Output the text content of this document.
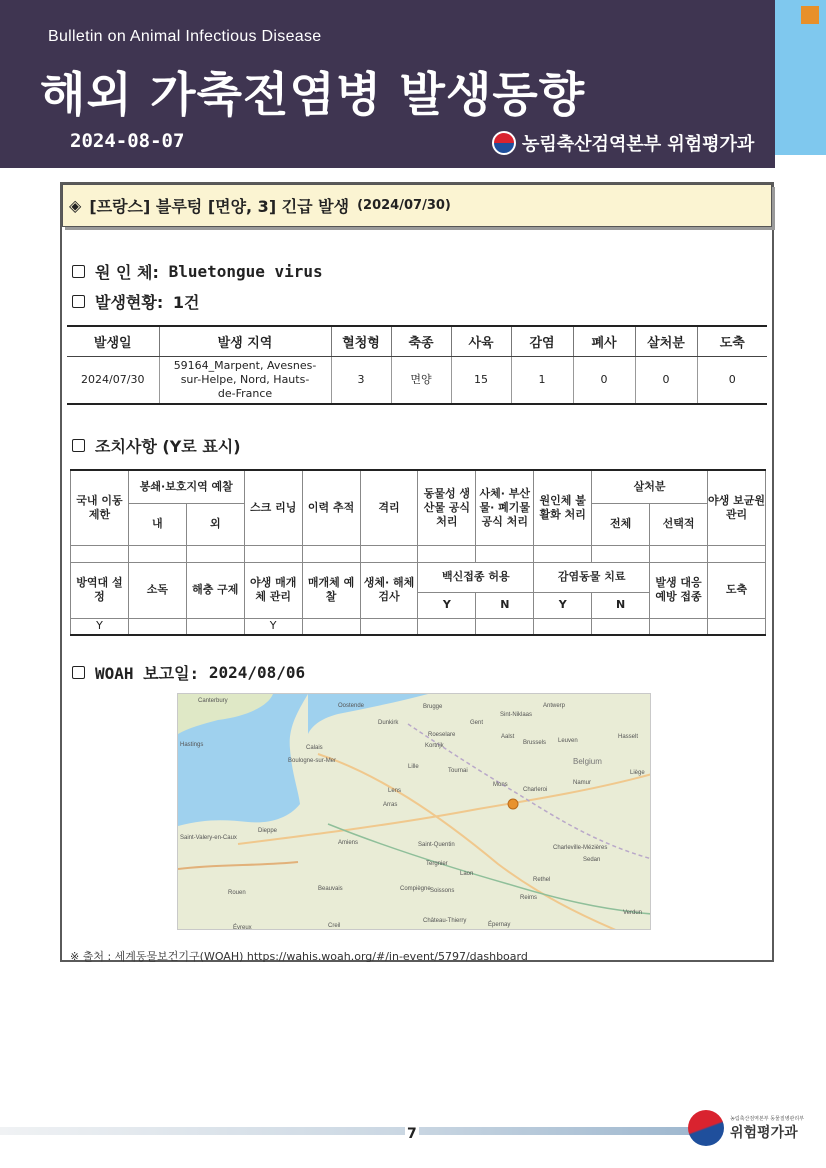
Bulletin on Animal Infectious Disease
해외 가축전염병 발생동향
2024-08-07	농림축산검역본부 위험평가과
◈ [프랑스] 블루텅 [면양, 3] 긴급 발생 (2024/07/30)
원 인 체:
Bluetongue virus
발생현황:
1건
발생일	발생 지역	혈청형	축종	사육	감염	폐사	살처분	도축
2024/07/30	59164_Marpent, Avesnes-sur-Helpe, Nord, Hauts-de-France	3	면양	15	1	0	0	0
조치사항 (Y로 표시)
국내 이동 제한	봉쇄·보호지역 예찰		스크 리닝	이력 추적	격리	동물성 생산물 공식 처리	사체· 부산물· 폐기물 공식 처리	원인체 불활화 처리	살처분		야생 보균원 관리
	내	외							전체	선택적	

방역대 설정	소독	해충 구제	야생 매개체 관리	매개체 예찰	생체· 해체 검사	백신접종 허용		감염동물 치료		발생 대응 예방 접종	도축
						Y	N	Y	N		
Y			Y								
WOAH 보고일:
2024/08/06
Canterbury
Oostende	Brugge
Sint-Niklaas
Antwerp
Dunkirk
Kortrijk
Gent
Aalst
Roeselare
Brussels Leuven
Hasselt
Hastings
Boulogne-sur-Mer
Lille
Tournai
Mons	Namur
Liège
Belgium
Calais
Lens	Charleroi
Arras
Amiens	Saint-Quentin	Charleville-Mézières
Sedan
Dieppe
Tergnier
Laon
Rethel
Rouen
Beauvais	Compiègne Soissons
Reims
Verdun
Évreux	Creil
Château-Thierry
Épernay
Saint-Valery-en-Caux
※ 출처 : 세계동물보건기구(WOAH) https://wahis.woah.org/#/in-event/5797/dashboard
7
농림축산검역본부 동물질병관리부
위험평가과
